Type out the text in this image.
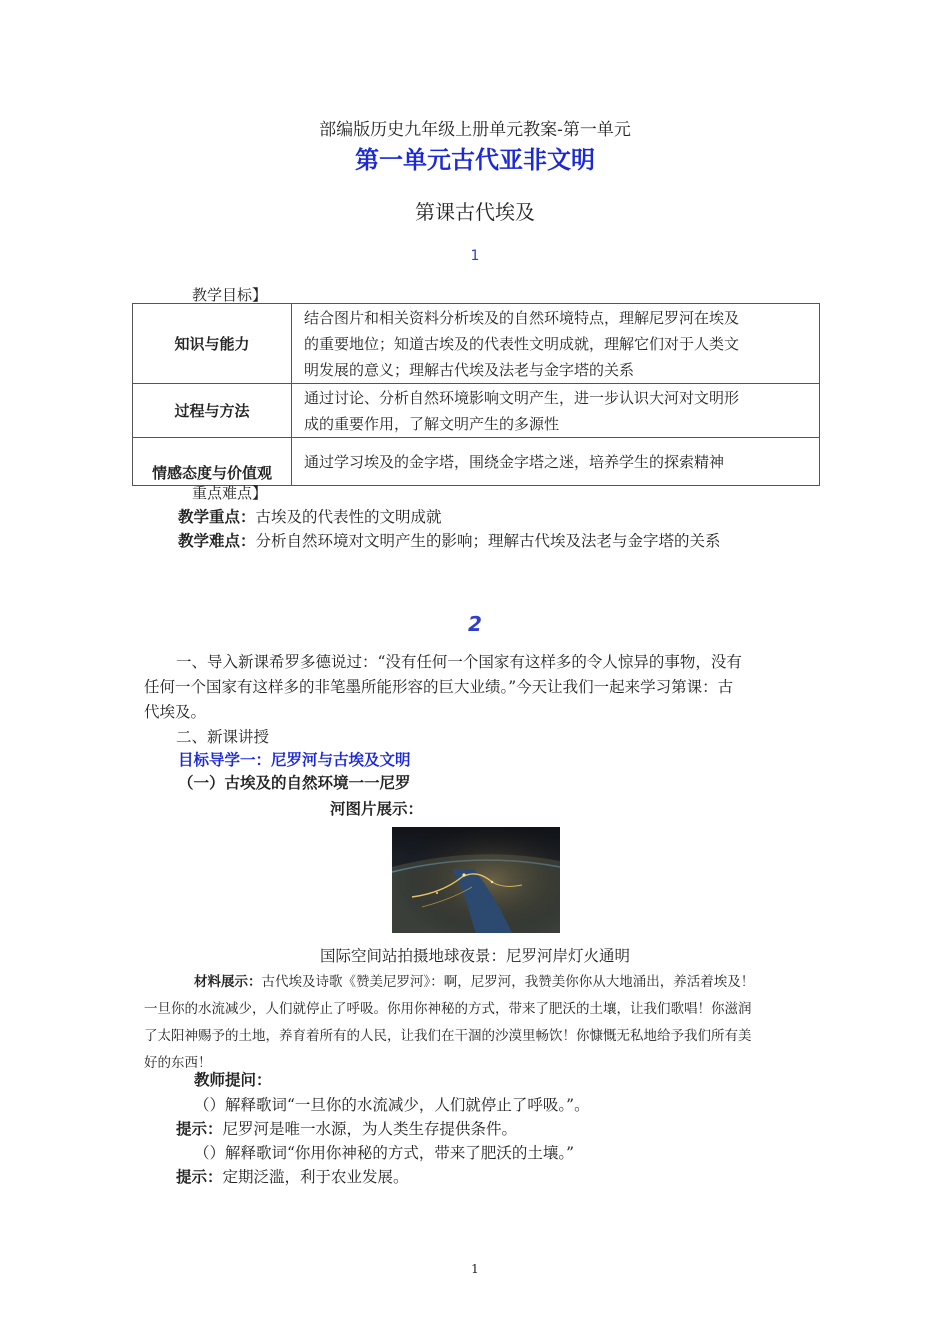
部编版历史九年级上册单元教案-第一单元
第一单元古代亚非文明
第课古代埃及
1
教学目标】
知识与能力	结合图片和相关资料分析埃及的自然环境特点，理解尼罗河在埃及
的重要地位；知道古埃及的代表性文明成就，理解它们对于人类文
明发展的意义；理解古代埃及法老与金字塔的关系

过程与方法	通过讨论、分析自然环境影响文明产生，进一步认识大河对文明形
成的重要作用，了解文明产生的多源性

情感态度与价值观	通过学习埃及的金字塔，围绕金字塔之迷，培养学生的探索精神
重点难点】
教学重点：古埃及的代表性的文明成就
教学难点：分析自然环境对文明产生的影响；理解古代埃及法老与金字塔的关系
2
一、导入新课希罗多德说过：“没有任何一个国家有这样多的令人惊异的事物，没有
任何一个国家有这样多的非笔墨所能形容的巨大业绩。”今天让我们一起来学习第课：古
代埃及。
二、新课讲授
目标导学一：尼罗河与古埃及文明
（一）古埃及的自然环境一一尼罗
河图片展示：
国际空间站拍摄地球夜景：尼罗河岸灯火通明
材料展示：古代埃及诗歌《赞美尼罗河》：啊，尼罗河，我赞美你你从大地涌出，养活着埃及！
一旦你的水流减少，人们就停止了呼吸。你用你神秘的方式，带来了肥沃的土壤，让我们歌唱！你滋润
了太阳神赐予的土地，养育着所有的人民，让我们在干涸的沙漠里畅饮！你慷慨无私地给予我们所有美
好的东西！
教师提问：
（）解释歌词“一旦你的水流减少，人们就停止了呼吸。”。
提示：尼罗河是唯一水源，为人类生存提供条件。
（）解释歌词“你用你神秘的方式，带来了肥沃的土壤。”
提示：定期泛滥，利于农业发展。
1
